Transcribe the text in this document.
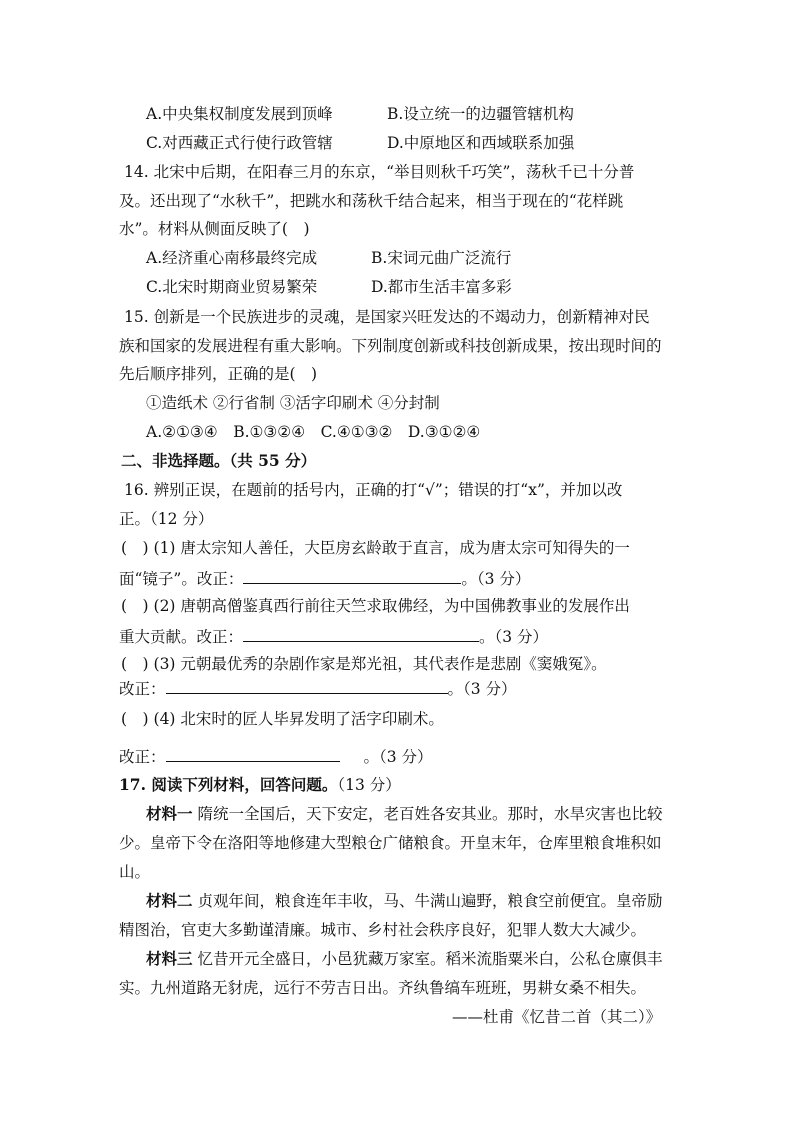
A.中央集权制度发展到顶峰	B.设立统一的边疆管辖机构
C.对西藏正式行使行政管辖	D.中原地区和西域联系加强
14. 北宋中后期，在阳春三月的东京，“举目则秋千巧笑”，荡秋千已十分普
及。还出现了“水秋千”，把跳水和荡秋千结合起来，相当于现在的“花样跳
水”。材料从侧面反映了(　)
A.经济重心南移最终完成	B.宋词元曲广泛流行
C.北宋时期商业贸易繁荣	D.都市生活丰富多彩
15. 创新是一个民族进步的灵魂，是国家兴旺发达的不竭动力，创新精神对民
族和国家的发展进程有重大影响。下列制度创新或科技创新成果，按出现时间的
先后顺序排列，正确的是(　)
①造纸术 ②行省制 ③活字印刷术 ④分封制
A.②①③④　B.①③②④　C.④①③②　D.③①②④
二、非选择题。（共 55 分）
16. 辨别正误，在题前的括号内，正确的打“√”；错误的打“x”，并加以改
正。（12 分）
(　) (1) 唐太宗知人善任，大臣房玄龄敢于直言，成为唐太宗可知得失的一
面“镜子”。改正：	。（3 分）
(　) (2) 唐朝高僧鉴真西行前往天竺求取佛经，为中国佛教事业的发展作出
重大贡献。改正：	。（3 分）
(　) (3) 元朝最优秀的杂剧作家是郑光祖，其代表作是悲剧《窦娥冤》。
改正：	。（3 分）
(　) (4) 北宋时的匠人毕昇发明了活字印刷术。
改正：	。（3 分）
17. 阅读下列材料，回答问题。（13 分）
材料一 隋统一全国后，天下安定，老百姓各安其业。那时，水旱灾害也比较
少。皇帝下令在洛阳等地修建大型粮仓广储粮食。开皇末年，仓库里粮食堆积如
山。
材料二 贞观年间，粮食连年丰收，马、牛满山遍野，粮食空前便宜。皇帝励
精图治，官吏大多勤谨清廉。城市、乡村社会秩序良好，犯罪人数大大减少。
材料三 忆昔开元全盛日，小邑犹藏万家室。稻米流脂粟米白，公私仓廪俱丰
实。九州道路无豺虎，远行不劳吉日出。齐纨鲁缟车班班，男耕女桑不相失。
——杜甫《忆昔二首（其二）》
